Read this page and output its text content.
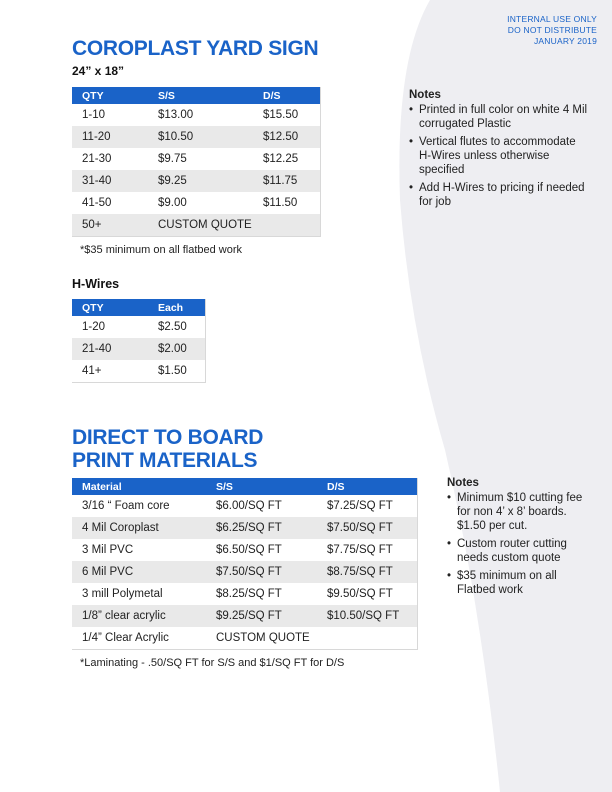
INTERNAL USE ONLY
DO NOT DISTRIBUTE
JANUARY 2019
COROPLAST YARD SIGN
24” x 18”
QTY	S/S	D/S
1-10	$13.00	$15.50
11-20	$10.50	$12.50
21-30	$9.75	$12.25
31-40	$9.25	$11.75
41-50	$9.00	$11.50
50+	CUSTOM QUOTE	
*$35 minimum on all flatbed work
Notes
• Printed in full color on white 4 Mil corrugated Plastic
• Vertical flutes to accommodate H-Wires unless otherwise specified
• Add H-Wires to pricing if needed for job
H-Wires
QTY	Each
1-20	$2.50
21-40	$2.00
41+	$1.50
DIRECT TO BOARD
PRINT MATERIALS
Material	S/S	D/S
3/16 “ Foam core	$6.00/SQ FT	$7.25/SQ FT
4 Mil Coroplast	$6.25/SQ FT	$7.50/SQ FT
3 Mil PVC	$6.50/SQ FT	$7.75/SQ FT
6 Mil PVC	$7.50/SQ FT	$8.75/SQ FT
3 mill Polymetal	$8.25/SQ FT	$9.50/SQ FT
1/8” clear acrylic	$9.25/SQ FT	$10.50/SQ FT
1/4” Clear Acrylic	CUSTOM QUOTE	
*Laminating - .50/SQ FT for S/S and $1/SQ FT for D/S
Notes
• Minimum $10 cutting fee for non 4’ x 8’ boards. $1.50 per cut.
• Custom router cutting needs custom quote
• $35 minimum on all Flatbed work
